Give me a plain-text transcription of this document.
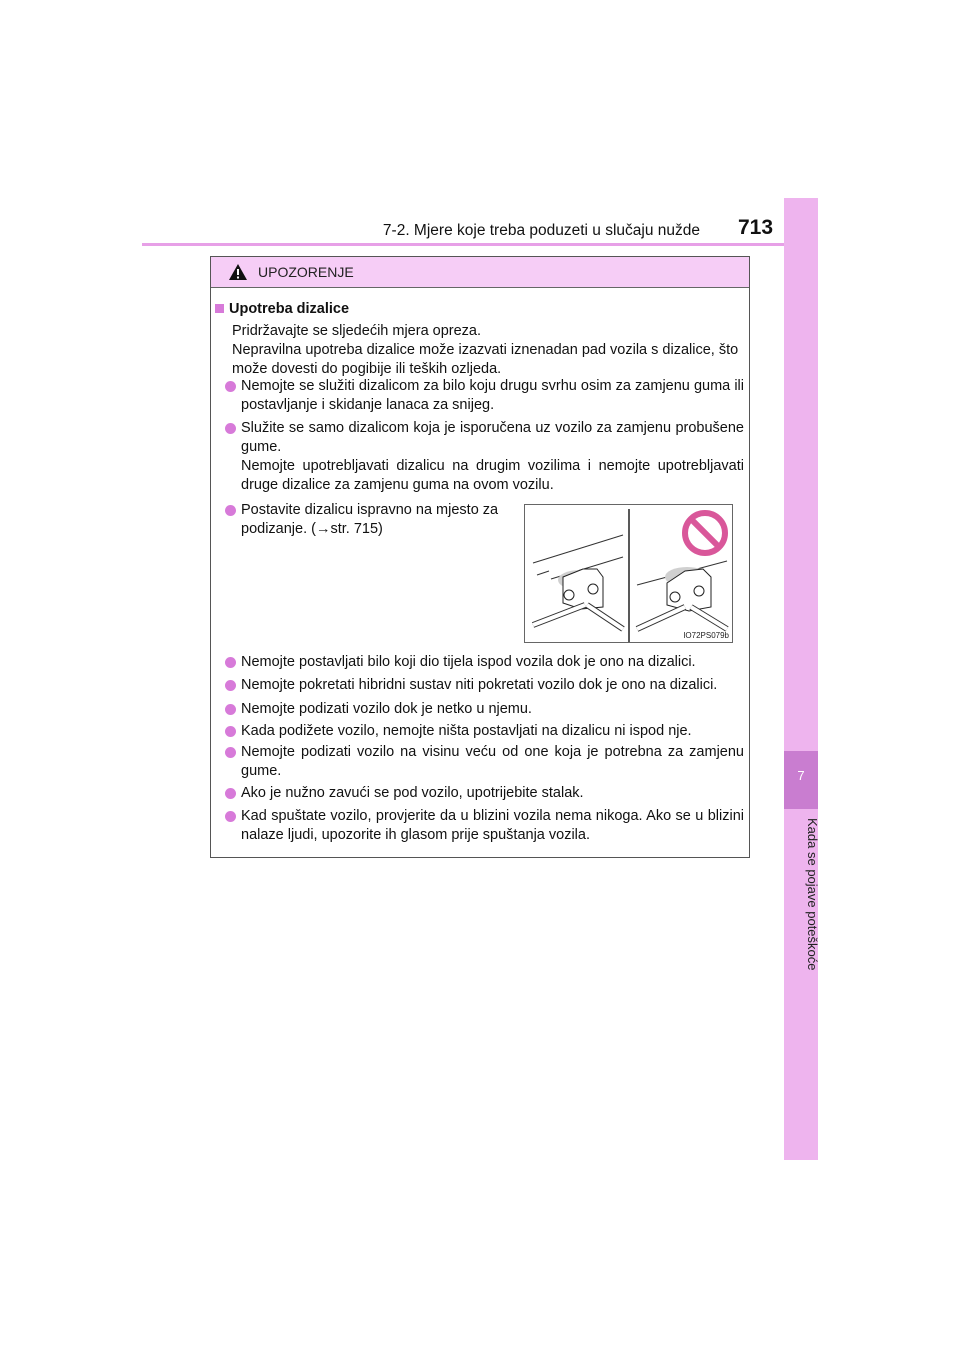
7-2. Mjere koje treba poduzeti u slučaju nužde 713
7
Kada se pojave poteškoće
UPOZORENJE
Upotreba dizalice
Pridržavajte se sljedećih mjera opreza.
Nepravilna upotreba dizalice može izazvati iznenadan pad vozila s dizalice, što može dovesti do pogibije ili teških ozljeda.
Nemojte se služiti dizalicom za bilo koju drugu svrhu osim za zamjenu guma ili postavljanje i skidanje lanaca za snijeg.
Služite se samo dizalicom koja je isporučena uz vozilo za zamjenu probušene gume.
Nemojte upotrebljavati dizalicu na drugim vozilima i nemojte upotrebljavati druge dizalice za zamjenu guma na ovom vozilu.
Postavite dizalicu ispravno na mjesto za podizanje. (→str. 715)
IO72PS079b
Nemojte postavljati bilo koji dio tijela ispod vozila dok je ono na dizalici.
Nemojte pokretati hibridni sustav niti pokretati vozilo dok je ono na dizalici.
Nemojte podizati vozilo dok je netko u njemu.
Kada podižete vozilo, nemojte ništa postavljati na dizalicu ni ispod nje.
Nemojte podizati vozilo na visinu veću od one koja je potrebna za zamjenu gume.
Ako je nužno zavući se pod vozilo, upotrijebite stalak.
Kad spuštate vozilo, provjerite da u blizini vozila nema nikoga. Ako se u blizini nalaze ljudi, upozorite ih glasom prije spuštanja vozila.
